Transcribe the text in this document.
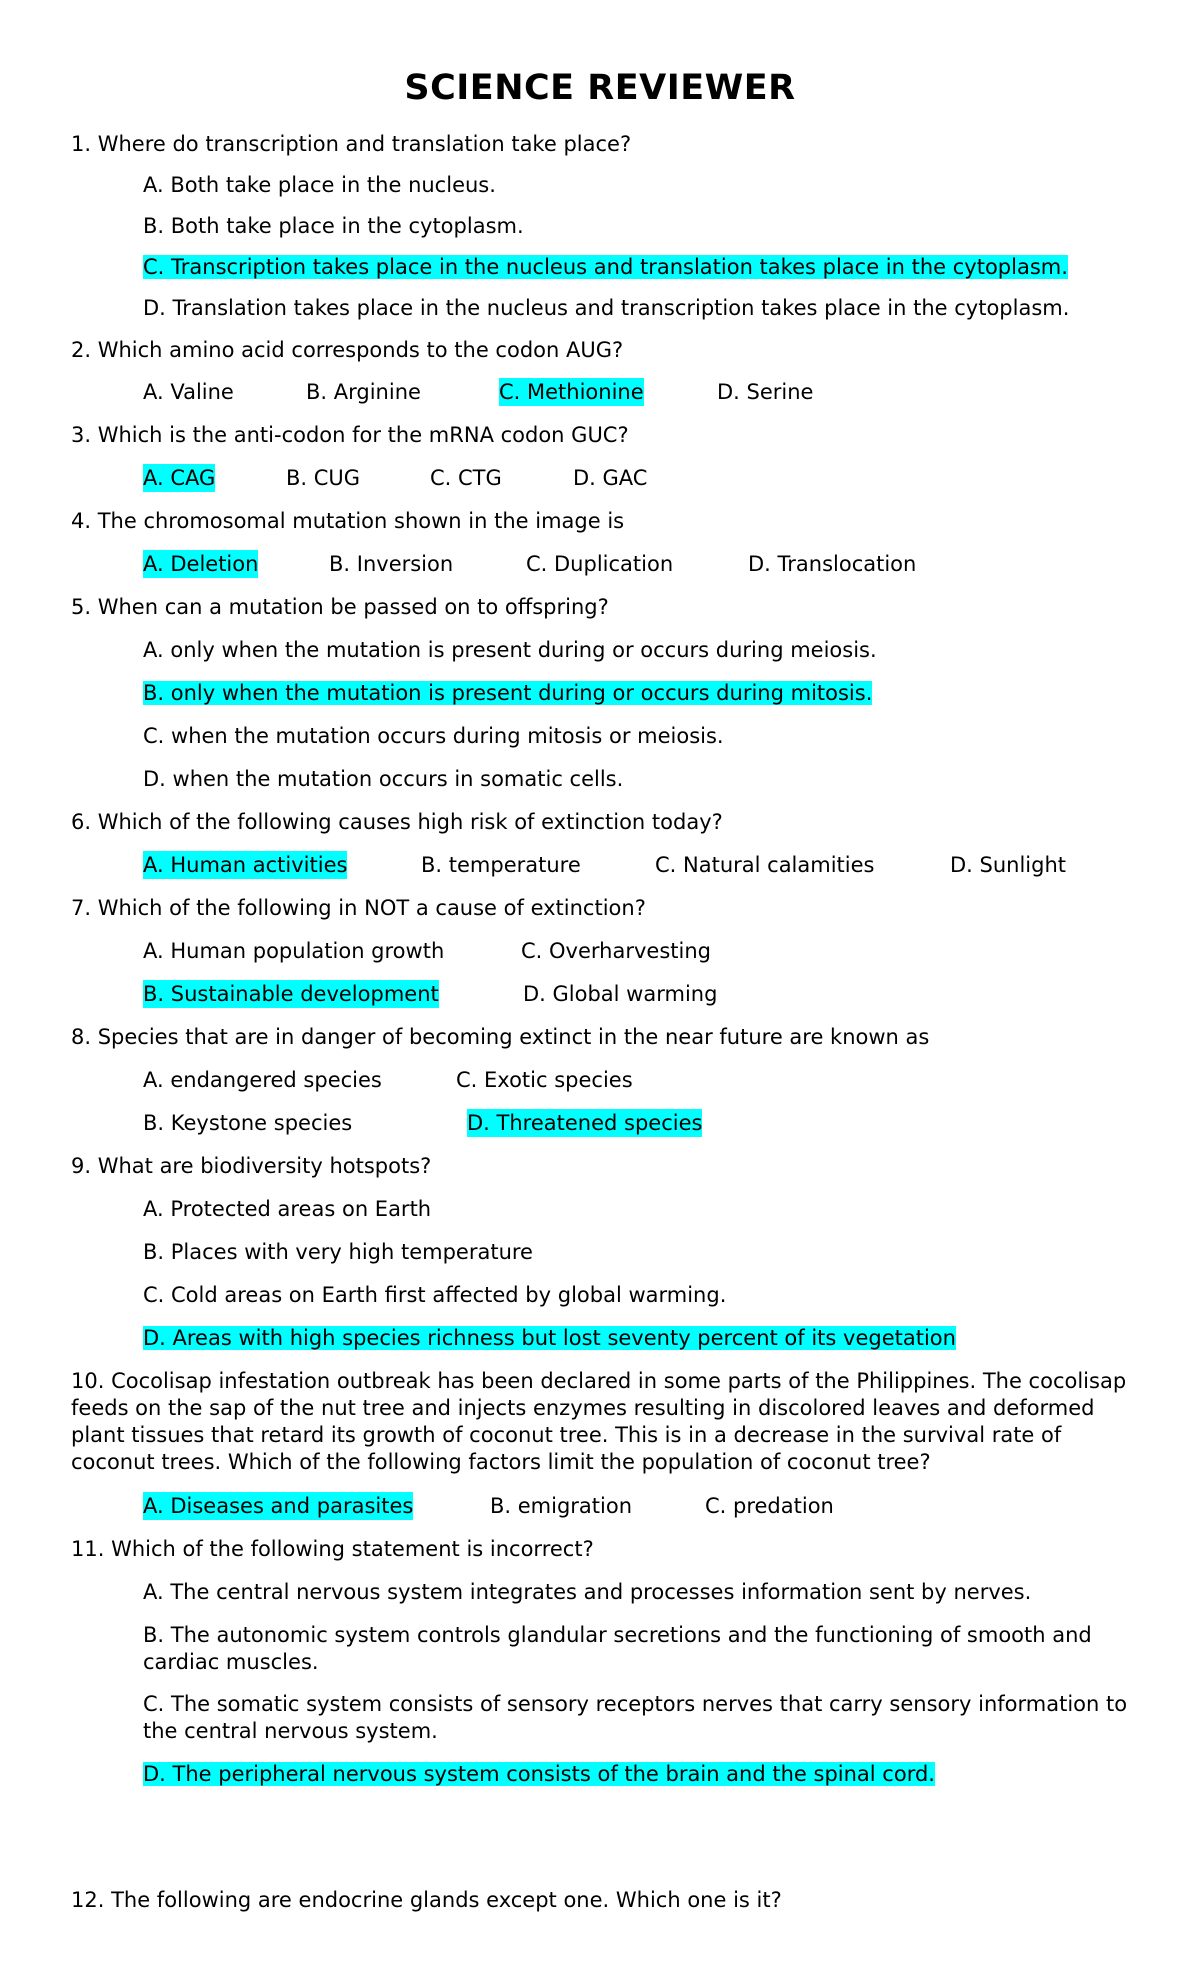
SCIENCE REVIEWER
1. Where do transcription and translation take place?
A. Both take place in the nucleus.
B. Both take place in the cytoplasm.
C. Transcription takes place in the nucleus and translation takes place in the cytoplasm.
D. Translation takes place in the nucleus and transcription takes place in the cytoplasm.
2. Which amino acid corresponds to the codon AUG?
A. Valine	B. Arginine	C. Methionine	D. Serine
3. Which is the anti-codon for the mRNA codon GUC?
A. CAG	B. CUG	C. CTG	D. GAC
4. The chromosomal mutation shown in the image is
A. Deletion	B. Inversion	C. Duplication	D. Translocation
5. When can a mutation be passed on to offspring?
A. only when the mutation is present during or occurs during meiosis.
B. only when the mutation is present during or occurs during mitosis.
C. when the mutation occurs during mitosis or meiosis.
D. when the mutation occurs in somatic cells.
6. Which of the following causes high risk of extinction today?
A. Human activities	B. temperature	C. Natural calamities	D. Sunlight
7. Which of the following in NOT a cause of extinction?
A. Human population growth	C. Overharvesting
B. Sustainable development	D. Global warming
8. Species that are in danger of becoming extinct in the near future are known as
A. endangered species	C. Exotic species
B. Keystone species	D. Threatened species
9. What are biodiversity hotspots?
A. Protected areas on Earth
B. Places with very high temperature
C. Cold areas on Earth first affected by global warming.
D. Areas with high species richness but lost seventy percent of its vegetation
10. Cocolisap infestation outbreak has been declared in some parts of the Philippines. The cocolisap feeds on the sap of the nut tree and injects enzymes resulting in discolored leaves and deformed plant tissues that retard its growth of coconut tree. This is in a decrease in the survival rate of coconut trees. Which of the following factors limit the population of coconut tree?
A. Diseases and parasites	B. emigration	C. predation
11. Which of the following statement is incorrect?
A. The central nervous system integrates and processes information sent by nerves.
B. The autonomic system controls glandular secretions and the functioning of smooth and cardiac muscles.
C. The somatic system consists of sensory receptors nerves that carry sensory information to the central nervous system.
D. The peripheral nervous system consists of the brain and the spinal cord.
12. The following are endocrine glands except one. Which one is it?
